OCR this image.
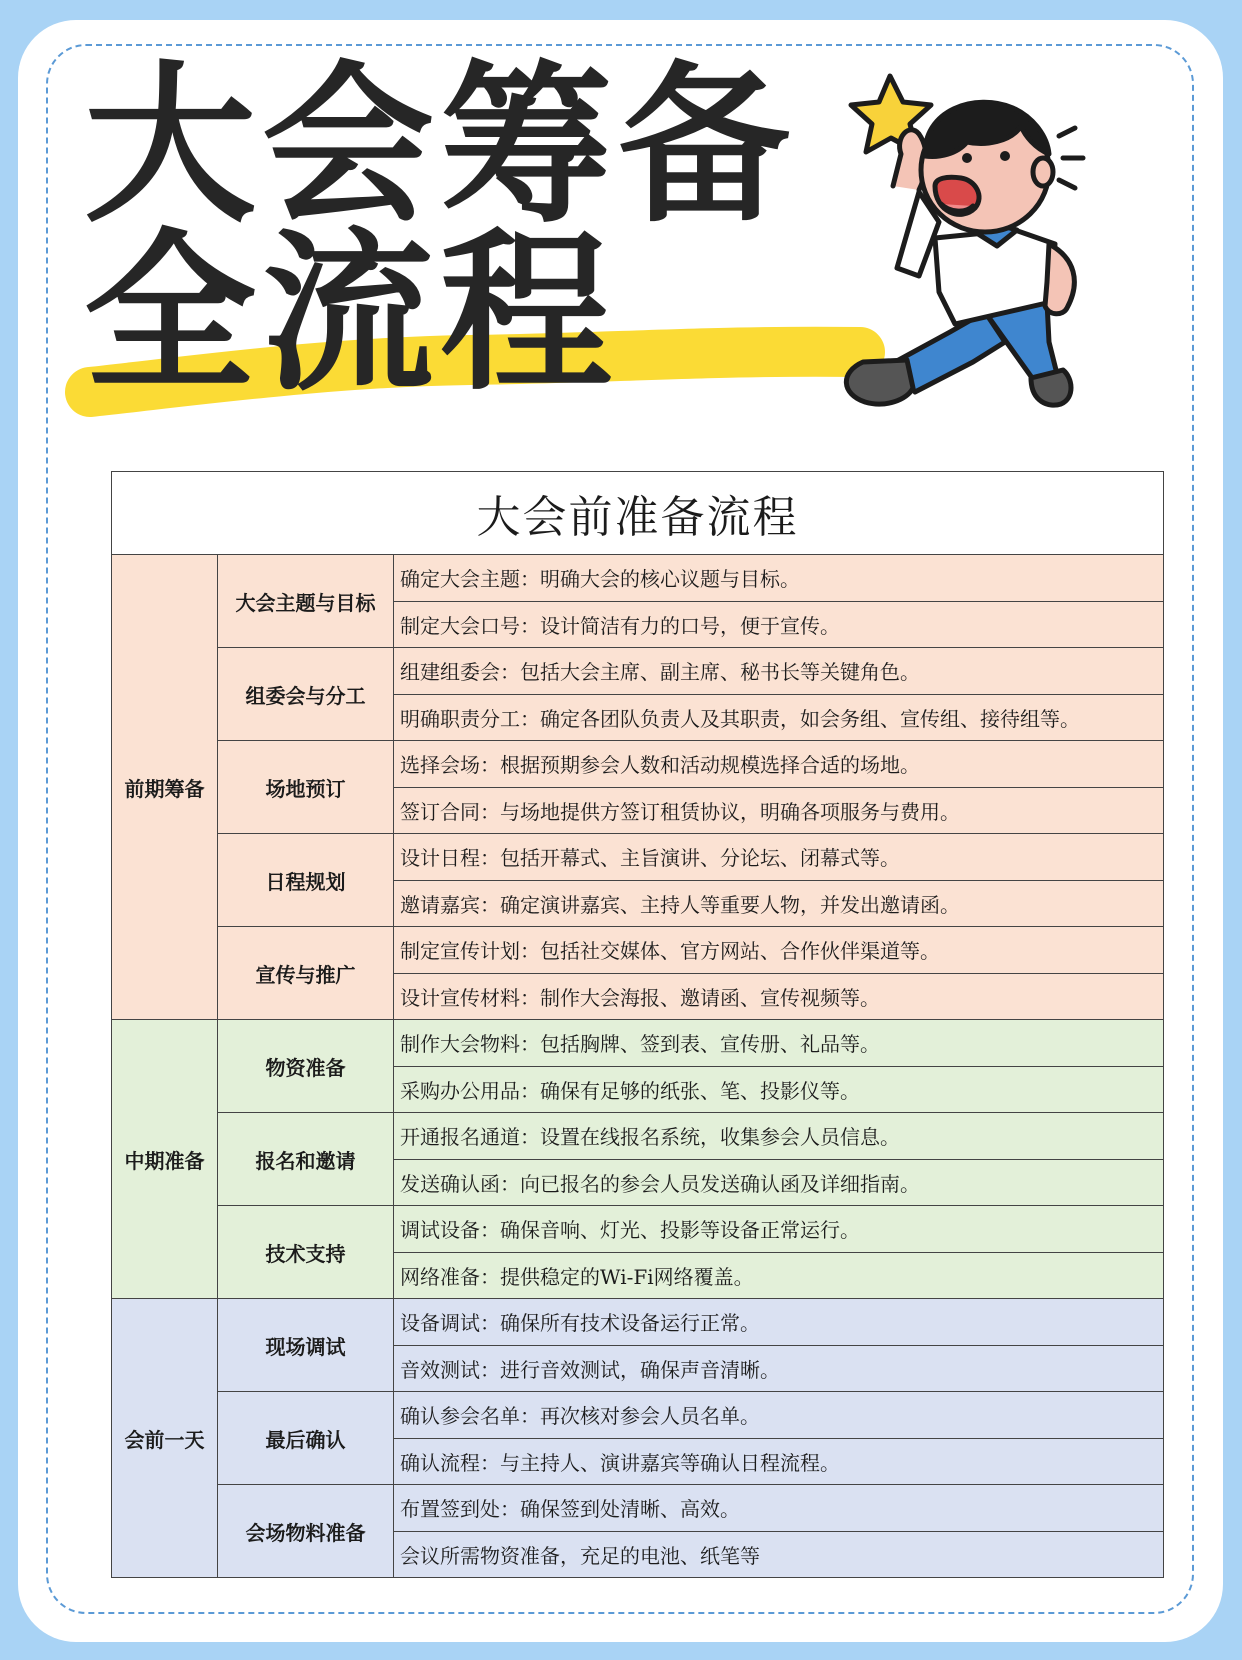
大会筹备
全流程
大会前准备流程		
前期筹备	大会主题与目标	确定大会主题：明确大会的核心议题与目标。
		制定大会口号：设计简洁有力的口号，便于宣传。
	组委会与分工	组建组委会：包括大会主席、副主席、秘书长等关键角色。
		明确职责分工：确定各团队负责人及其职责，如会务组、宣传组、接待组等。
	场地预订	选择会场：根据预期参会人数和活动规模选择合适的场地。
		签订合同：与场地提供方签订租赁协议，明确各项服务与费用。
	日程规划	设计日程：包括开幕式、主旨演讲、分论坛、闭幕式等。
		邀请嘉宾：确定演讲嘉宾、主持人等重要人物，并发出邀请函。
	宣传与推广	制定宣传计划：包括社交媒体、官方网站、合作伙伴渠道等。
		设计宣传材料：制作大会海报、邀请函、宣传视频等。
中期准备	物资准备	制作大会物料：包括胸牌、签到表、宣传册、礼品等。
		采购办公用品：确保有足够的纸张、笔、投影仪等。
	报名和邀请	开通报名通道：设置在线报名系统，收集参会人员信息。
		发送确认函：向已报名的参会人员发送确认函及详细指南。
	技术支持	调试设备：确保音响、灯光、投影等设备正常运行。
		网络准备：提供稳定的Wi-Fi网络覆盖。
会前一天	现场调试	设备调试：确保所有技术设备运行正常。
		音效测试：进行音效测试，确保声音清晰。
	最后确认	确认参会名单：再次核对参会人员名单。
		确认流程：与主持人、演讲嘉宾等确认日程流程。
	会场物料准备	布置签到处：确保签到处清晰、高效。
		会议所需物资准备，充足的电池、纸笔等
